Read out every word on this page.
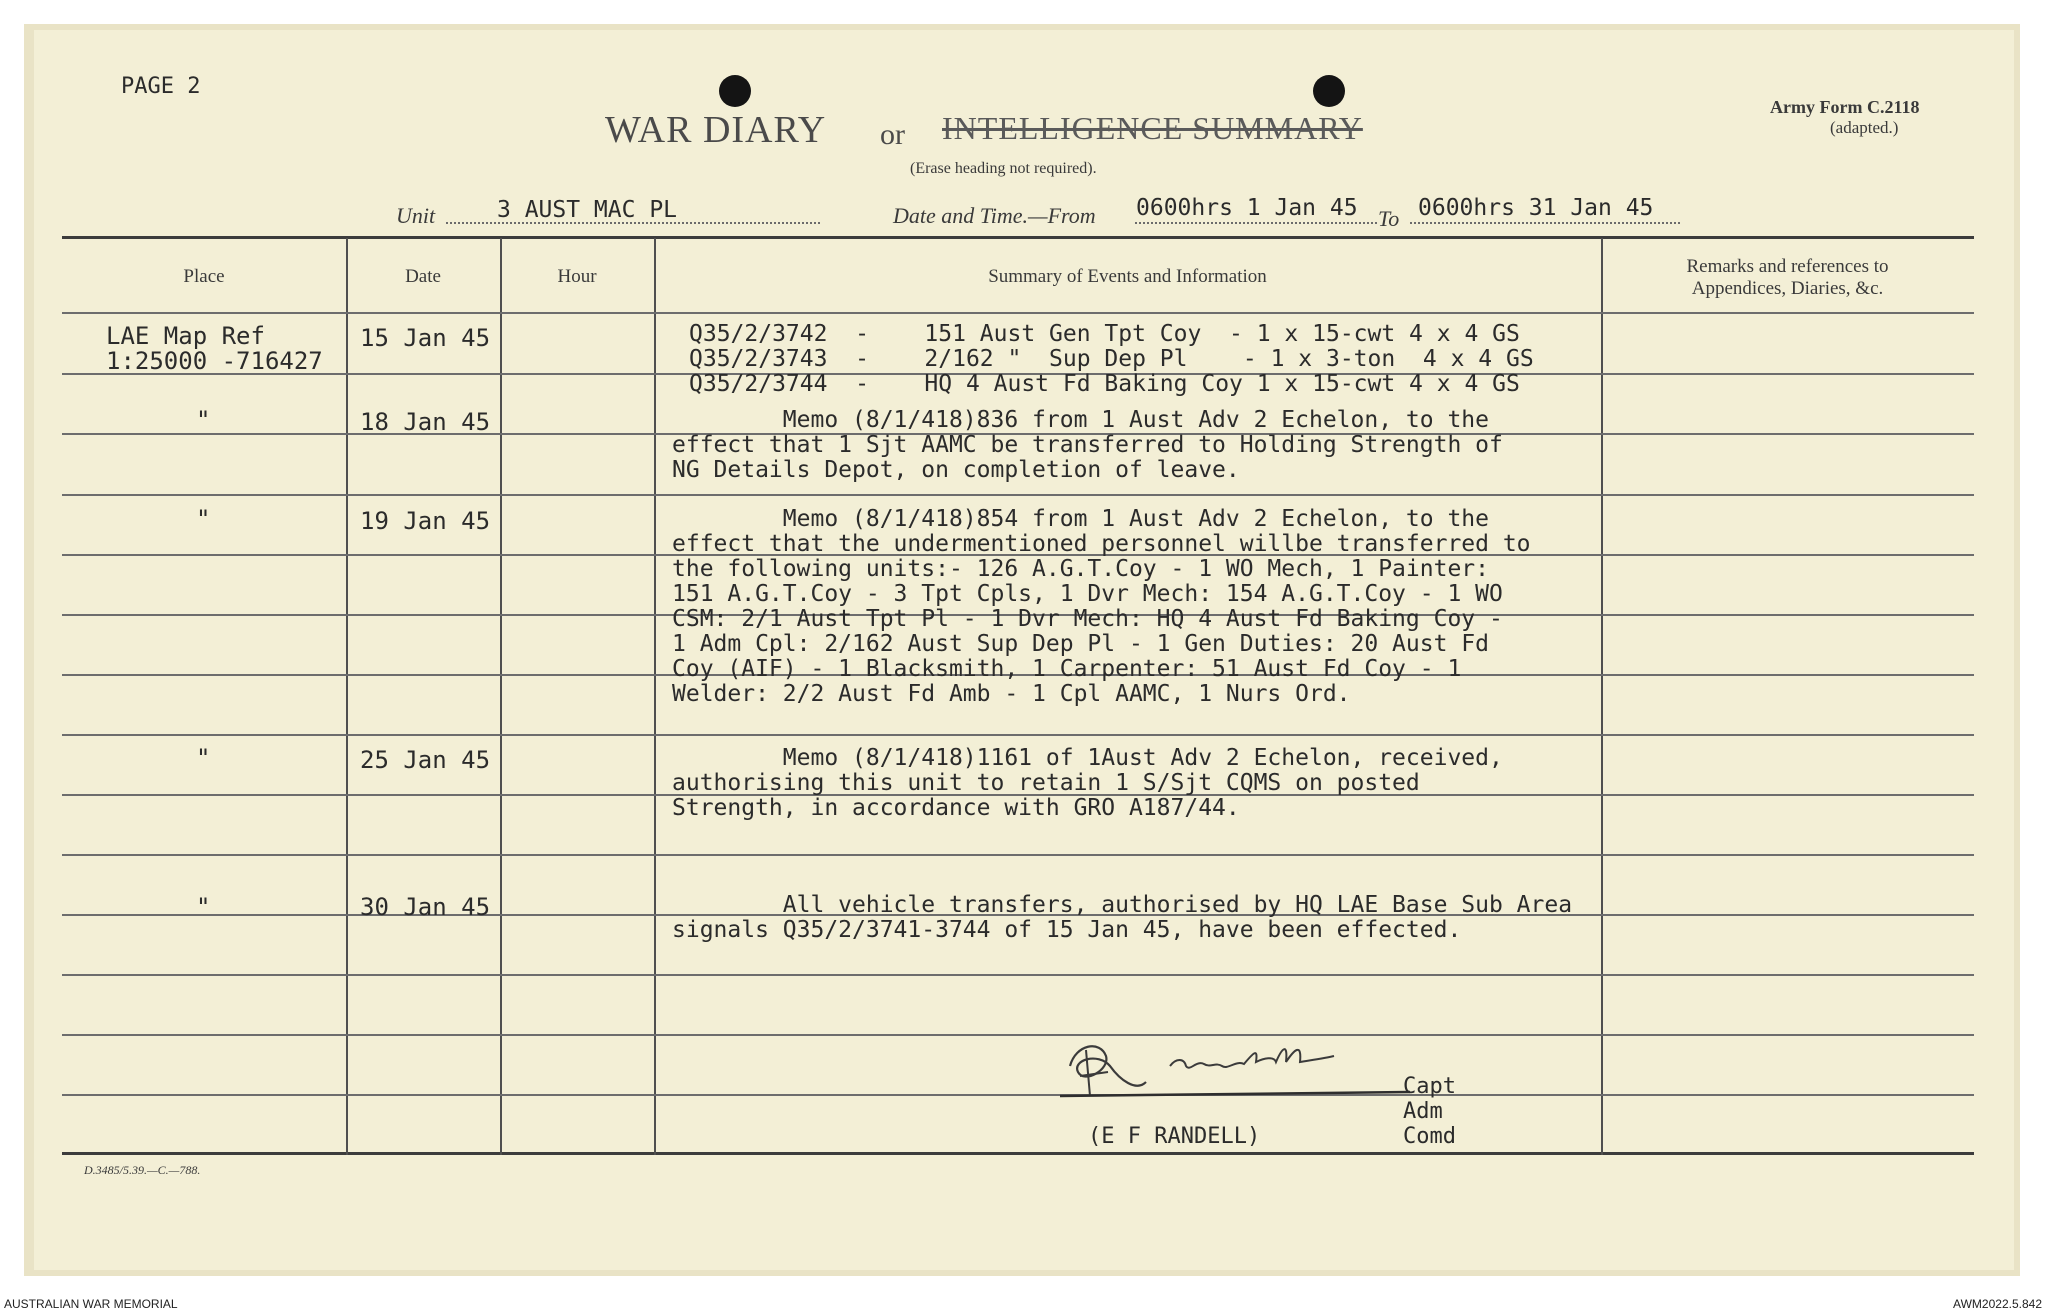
PAGE 2
WAR DIARY or INTELLIGENCE SUMMARY
(Erase heading not required).
Army Form C.2118
(adapted.)
Unit	3 AUST MAC PL	Date and Time.—From 0600hrs 1 Jan 45 To 0600hrs 31 Jan 45
Place	Date	Hour	Summary of Events and Information	Remarks and references to
Appendices, Diaries, &c.
LAE Map Ref
1:25000 -716427
15 Jan 45	Q35/2/3742  -    151 Aust Gen Tpt Coy  - 1 x 15-cwt 4 x 4 GS
Q35/2/3743  -    2/162 "  Sup Dep Pl    - 1 x 3-ton  4 x 4 GS
Q35/2/3744  -    HQ 4 Aust Fd Baking Coy 1 x 15-cwt 4 x 4 GS
"	18 Jan 45	Memo (8/1/418)836 from 1 Aust Adv 2 Echelon, to the
effect that 1 Sjt AAMC be transferred to Holding Strength of
NG Details Depot, on completion of leave.
"	19 Jan 45	Memo (8/1/418)854 from 1 Aust Adv 2 Echelon, to the
effect that the undermentioned personnel willbe transferred to
the following units:- 126 A.G.T.Coy - 1 WO Mech, 1 Painter:
151 A.G.T.Coy - 3 Tpt Cpls, 1 Dvr Mech: 154 A.G.T.Coy - 1 WO
CSM: 2/1 Aust Tpt Pl - 1 Dvr Mech: HQ 4 Aust Fd Baking Coy -
1 Adm Cpl: 2/162 Aust Sup Dep Pl - 1 Gen Duties: 20 Aust Fd
Coy (AIF) - 1 Blacksmith, 1 Carpenter: 51 Aust Fd Coy - 1
Welder: 2/2 Aust Fd Amb - 1 Cpl AAMC, 1 Nurs Ord.
"	25 Jan 45	Memo (8/1/418)1161 of 1Aust Adv 2 Echelon, received,
authorising this unit to retain 1 S/Sjt CQMS on posted
Strength, in accordance with GRO A187/44.
"	30 Jan 45	All vehicle transfers, authorised by HQ LAE Base Sub Area
signals Q35/2/3741-3744 of 15 Jan 45, have been effected.
(E F RANDELL)
Capt
Adm
Comd
D.3485/5.39.—C.—788.
AUSTRALIAN WAR MEMORIAL	AWM2022.5.842
